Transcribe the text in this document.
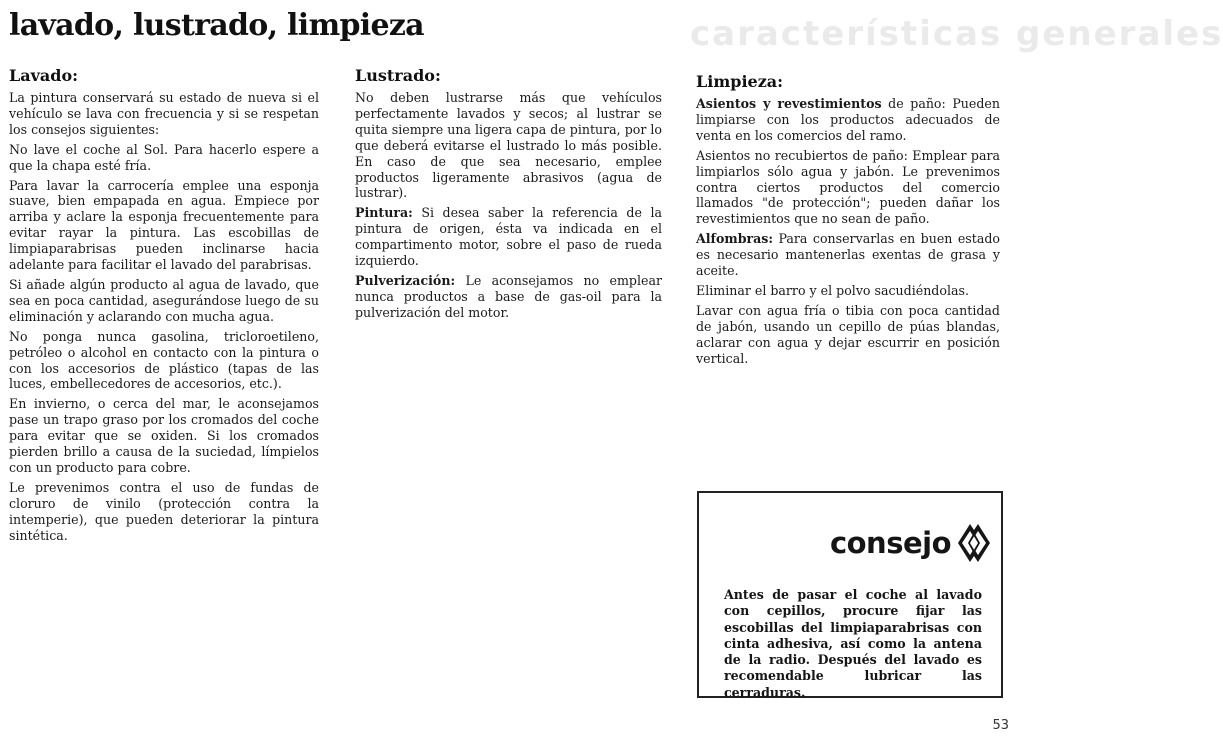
características generales
lavado, lustrado, limpieza
Lavado:

La pintura conservará su estado de nueva si el vehículo se lava con frecuencia y si se respetan los consejos siguientes:

No lave el coche al Sol. Para hacerlo espere a que la chapa esté fría.

Para lavar la carrocería emplee una esponja suave, bien empapada en agua. Empiece por arriba y aclare la esponja frecuentemente para evitar rayar la pintura. Las escobillas de limpiaparabrisas pueden inclinarse hacia adelante para facilitar el lavado del parabrisas.

Si añade algún producto al agua de lavado, que sea en poca cantidad, asegurándose luego de su eliminación y aclarando con mucha agua.

No ponga nunca gasolina, tricloroetileno, petróleo o alcohol en contacto con la pintura o con los accesorios de plástico (tapas de las luces, embellecedores de accesorios, etc.).

En invierno, o cerca del mar, le aconsejamos pase un trapo graso por los cromados del coche para evitar que se oxiden. Si los cromados pierden brillo a causa de la suciedad, límpielos con un producto para cobre.

Le prevenimos contra el uso de fundas de cloruro de vinilo (protección contra la intemperie), que pueden deteriorar la pintura sintética.

Lustrado:

No deben lustrarse más que vehículos perfectamente lavados y secos; al lustrar se quita siempre una ligera capa de pintura, por lo que deberá evitarse el lustrado lo más posible. En caso de que sea necesario, emplee productos ligeramente abrasivos (agua de lustrar).

Pintura: Si desea saber la referencia de la pintura de origen, ésta va indicada en el compartimento motor, sobre el paso de rueda izquierdo.

Pulverización: Le aconsejamos no emplear nunca productos a base de gas-oil para la pulverización del motor.

Limpieza:

Asientos y revestimientos de paño: Pueden limpiarse con los productos adecuados de venta en los comercios del ramo.

Asientos no recubiertos de paño: Emplear para limpiarlos sólo agua y jabón. Le prevenimos contra ciertos productos del comercio llamados "de protección"; pueden dañar los revestimientos que no sean de paño.

Alfombras: Para conservarlas en buen estado es necesario mantenerlas exentas de grasa y aceite.

Eliminar el barro y el polvo sacudiéndolas.

Lavar con agua fría o tibia con poca cantidad de jabón, usando un cepillo de púas blandas, aclarar con agua y dejar escurrir en posición vertical.

consejo

Antes de pasar el coche al lavado con cepillos, procure fijar las escobillas del limpiaparabrisas con cinta adhesiva, así como la antena de la radio. Después del lavado es recomendable lubricar las cerraduras.

53
